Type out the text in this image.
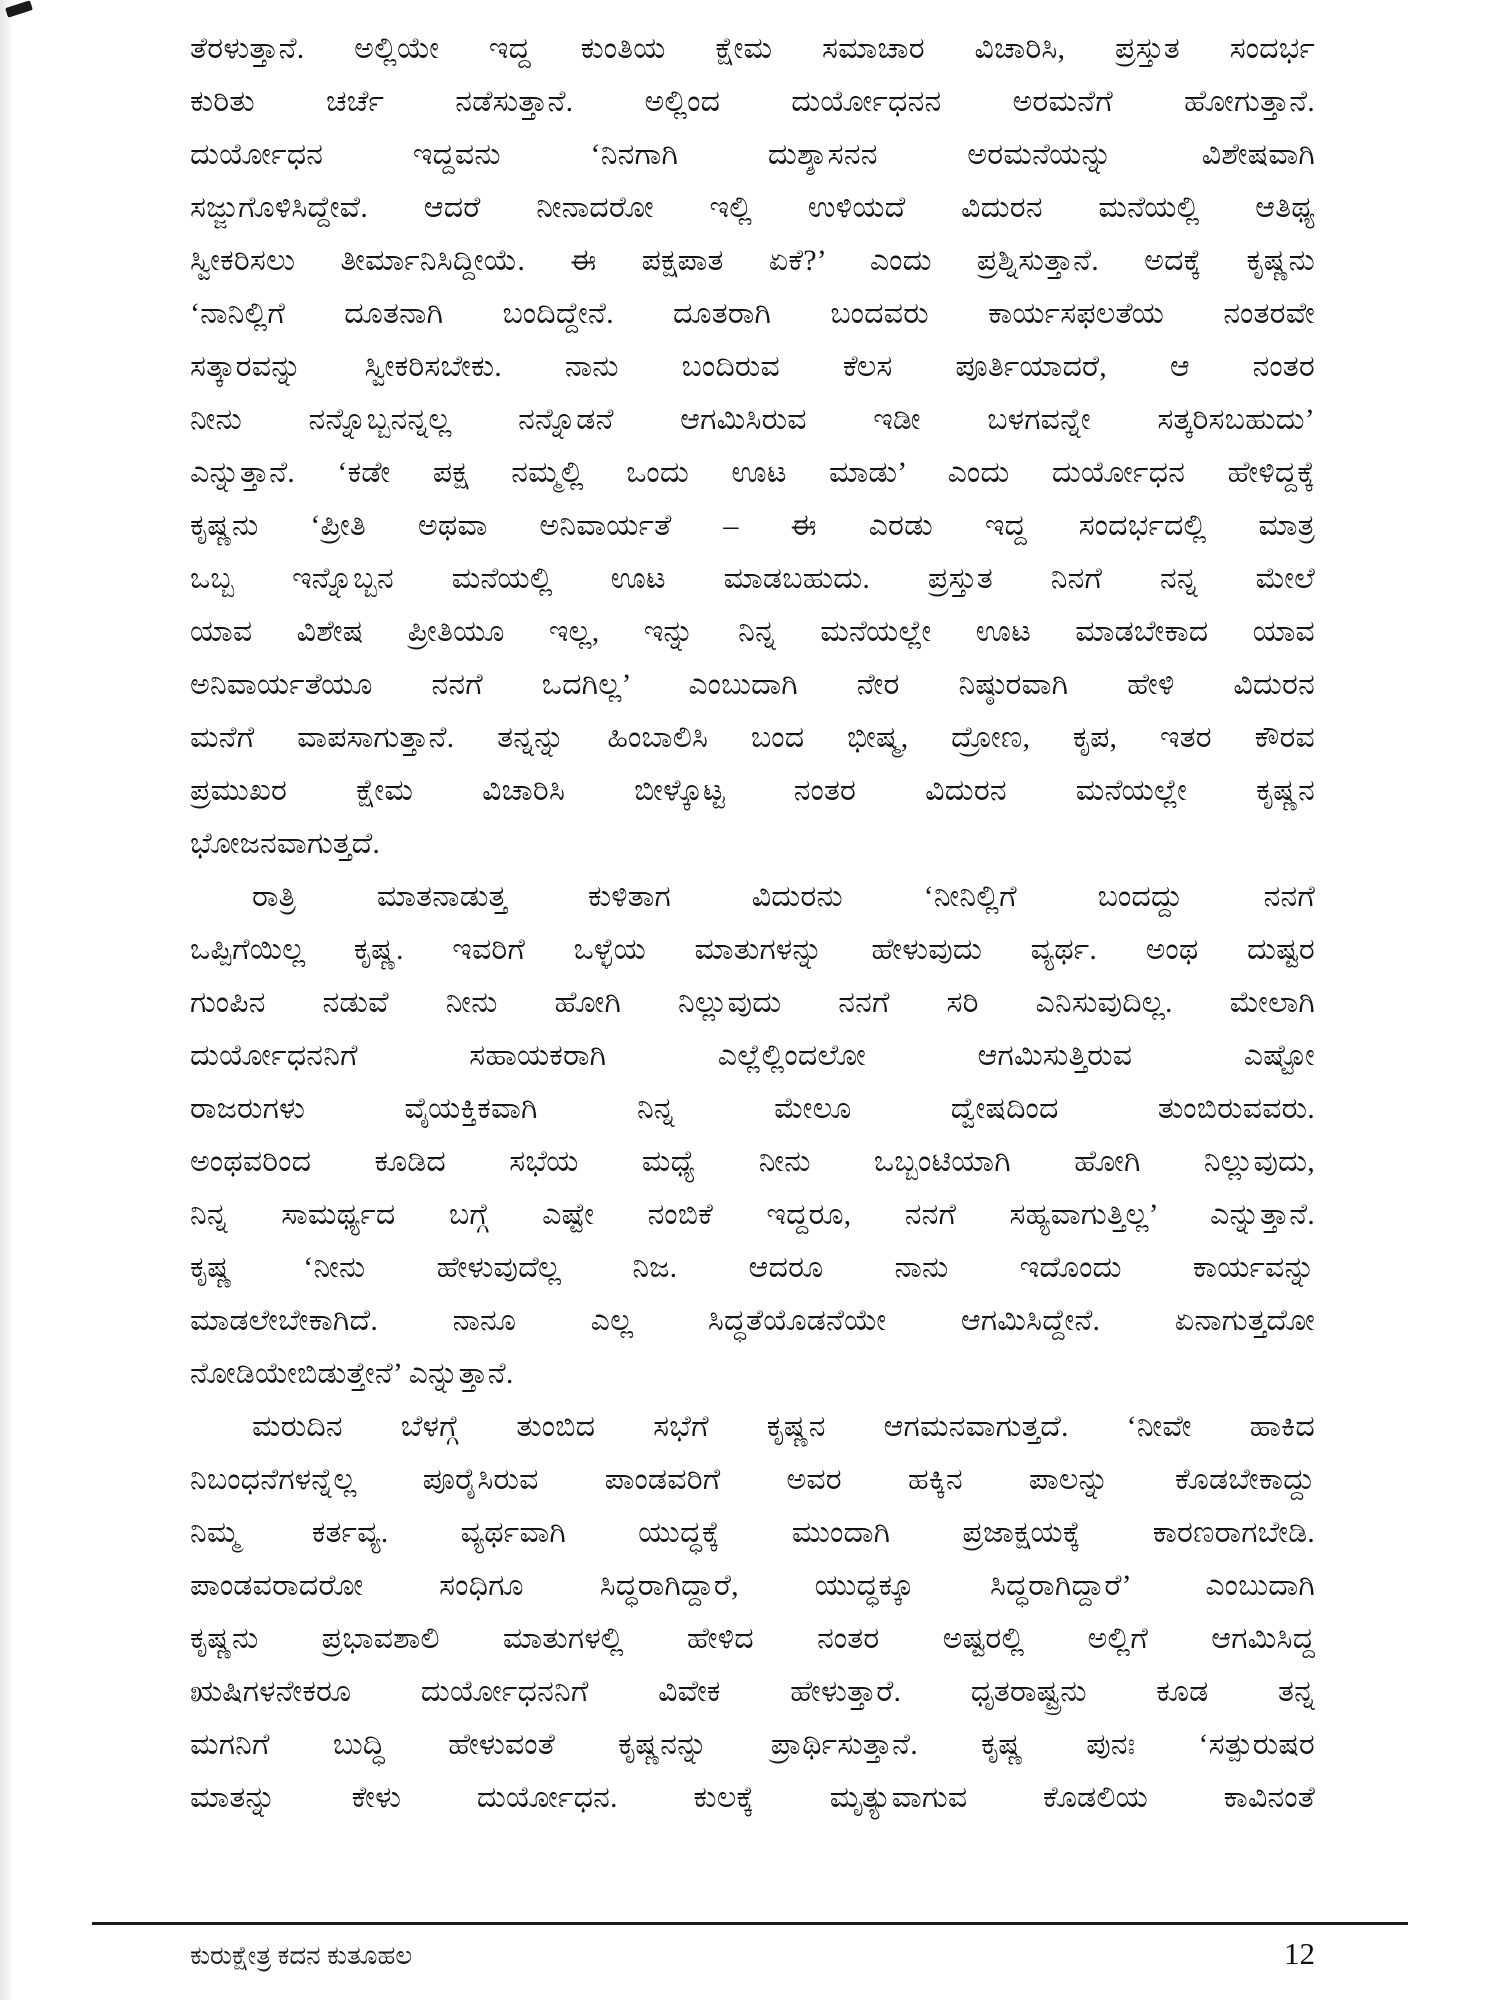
ತೆರಳುತ್ತಾನೆ. ಅಲ್ಲಿಯೇ ಇದ್ದ ಕುಂತಿಯ ಕ್ಷೇಮ ಸಮಾಚಾರ ವಿಚಾರಿಸಿ, ಪ್ರಸ್ತುತ ಸಂದರ್ಭ
ಕುರಿತು ಚರ್ಚೆ ನಡೆಸುತ್ತಾನೆ. ಅಲ್ಲಿಂದ ದುರ್ಯೋಧನನ ಅರಮನೆಗೆ ಹೋಗುತ್ತಾನೆ.
ದುರ್ಯೋಧನ ಇದ್ದವನು ‘ನಿನಗಾಗಿ ದುಶ್ಶಾಸನನ ಅರಮನೆಯನ್ನು ವಿಶೇಷವಾಗಿ
ಸಜ್ಜುಗೊಳಿಸಿದ್ದೇವೆ. ಆದರೆ ನೀನಾದರೋ ಇಲ್ಲಿ ಉಳಿಯದೆ ವಿದುರನ ಮನೆಯಲ್ಲಿ ಆತಿಥ್ಯ
ಸ್ವೀಕರಿಸಲು ತೀರ್ಮಾನಿಸಿದ್ದೀಯೆ. ಈ ಪಕ್ಷಪಾತ ಏಕೆ?’ ಎಂದು ಪ್ರಶ್ನಿಸುತ್ತಾನೆ. ಅದಕ್ಕೆ ಕೃಷ್ಣನು
‘ನಾನಿಲ್ಲಿಗೆ ದೂತನಾಗಿ ಬಂದಿದ್ದೇನೆ. ದೂತರಾಗಿ ಬಂದವರು ಕಾರ್ಯಸಫಲತೆಯ ನಂತರವೇ
ಸತ್ಕಾರವನ್ನು ಸ್ವೀಕರಿಸಬೇಕು. ನಾನು ಬಂದಿರುವ ಕೆಲಸ ಪೂರ್ತಿಯಾದರೆ, ಆ ನಂತರ
ನೀನು ನನ್ನೊಬ್ಬನನ್ನಲ್ಲ ನನ್ನೊಡನೆ ಆಗಮಿಸಿರುವ ಇಡೀ ಬಳಗವನ್ನೇ ಸತ್ಕರಿಸಬಹುದು’
ಎನ್ನುತ್ತಾನೆ. ‘ಕಡೇ ಪಕ್ಷ ನಮ್ಮಲ್ಲಿ ಒಂದು ಊಟ ಮಾಡು’ ಎಂದು ದುರ್ಯೋಧನ ಹೇಳಿದ್ದಕ್ಕೆ
ಕೃಷ್ಣನು ‘ಪ್ರೀತಿ ಅಥವಾ ಅನಿವಾರ್ಯತೆ – ಈ ಎರಡು ಇದ್ದ ಸಂದರ್ಭದಲ್ಲಿ ಮಾತ್ರ
ಒಬ್ಬ ಇನ್ನೊಬ್ಬನ ಮನೆಯಲ್ಲಿ ಊಟ ಮಾಡಬಹುದು. ಪ್ರಸ್ತುತ ನಿನಗೆ ನನ್ನ ಮೇಲೆ
ಯಾವ ವಿಶೇಷ ಪ್ರೀತಿಯೂ ಇಲ್ಲ, ಇನ್ನು ನಿನ್ನ ಮನೆಯಲ್ಲೇ ಊಟ ಮಾಡಬೇಕಾದ ಯಾವ
ಅನಿವಾರ್ಯತೆಯೂ ನನಗೆ ಒದಗಿಲ್ಲ’ ಎಂಬುದಾಗಿ ನೇರ ನಿಷ್ಠುರವಾಗಿ ಹೇಳಿ ವಿದುರನ
ಮನೆಗೆ ವಾಪಸಾಗುತ್ತಾನೆ. ತನ್ನನ್ನು ಹಿಂಬಾಲಿಸಿ ಬಂದ ಭೀಷ್ಮ, ದ್ರೋಣ, ಕೃಪ, ಇತರ ಕೌರವ
ಪ್ರಮುಖರ ಕ್ಷೇಮ ವಿಚಾರಿಸಿ ಬೀಳ್ಕೊಟ್ಟ ನಂತರ ವಿದುರನ ಮನೆಯಲ್ಲೇ ಕೃಷ್ಣನ
ಭೋಜನವಾಗುತ್ತದೆ.
ರಾತ್ರಿ ಮಾತನಾಡುತ್ತ ಕುಳಿತಾಗ ವಿದುರನು ‘ನೀನಿಲ್ಲಿಗೆ ಬಂದದ್ದು ನನಗೆ
ಒಪ್ಪಿಗೆಯಿಲ್ಲ ಕೃಷ್ಣ. ಇವರಿಗೆ ಒಳ್ಳೆಯ ಮಾತುಗಳನ್ನು ಹೇಳುವುದು ವ್ಯರ್ಥ. ಅಂಥ ದುಷ್ಟರ
ಗುಂಪಿನ ನಡುವೆ ನೀನು ಹೋಗಿ ನಿಲ್ಲುವುದು ನನಗೆ ಸರಿ ಎನಿಸುವುದಿಲ್ಲ. ಮೇಲಾಗಿ
ದುರ್ಯೋಧನನಿಗೆ ಸಹಾಯಕರಾಗಿ ಎಲ್ಲೆಲ್ಲಿಂದಲೋ ಆಗಮಿಸುತ್ತಿರುವ ಎಷ್ಟೋ
ರಾಜರುಗಳು ವೈಯಕ್ತಿಕವಾಗಿ ನಿನ್ನ ಮೇಲೂ ದ್ವೇಷದಿಂದ ತುಂಬಿರುವವರು.
ಅಂಥವರಿಂದ ಕೂಡಿದ ಸಭೆಯ ಮಧ್ಯೆ ನೀನು ಒಬ್ಬಂಟಿಯಾಗಿ ಹೋಗಿ ನಿಲ್ಲುವುದು,
ನಿನ್ನ ಸಾಮರ್ಥ್ಯದ ಬಗ್ಗೆ ಎಷ್ಟೇ ನಂಬಿಕೆ ಇದ್ದರೂ, ನನಗೆ ಸಹ್ಯವಾಗುತ್ತಿಲ್ಲ’ ಎನ್ನುತ್ತಾನೆ.
ಕೃಷ್ಣ ‘ನೀನು ಹೇಳುವುದೆಲ್ಲ ನಿಜ. ಆದರೂ ನಾನು ಇದೊಂದು ಕಾರ್ಯವನ್ನು
ಮಾಡಲೇಬೇಕಾಗಿದೆ. ನಾನೂ ಎಲ್ಲ ಸಿದ್ಧತೆಯೊಡನೆಯೇ ಆಗಮಿಸಿದ್ದೇನೆ. ಏನಾಗುತ್ತದೋ
ನೋಡಿಯೇಬಿಡುತ್ತೇನೆ’ ಎನ್ನುತ್ತಾನೆ.
ಮರುದಿನ ಬೆಳಗ್ಗೆ ತುಂಬಿದ ಸಭೆಗೆ ಕೃಷ್ಣನ ಆಗಮನವಾಗುತ್ತದೆ. ‘ನೀವೇ ಹಾಕಿದ
ನಿಬಂಧನೆಗಳನ್ನೆಲ್ಲ ಪೂರೈಸಿರುವ ಪಾಂಡವರಿಗೆ ಅವರ ಹಕ್ಕಿನ ಪಾಲನ್ನು ಕೊಡಬೇಕಾದ್ದು
ನಿಮ್ಮ ಕರ್ತವ್ಯ. ವ್ಯರ್ಥವಾಗಿ ಯುದ್ಧಕ್ಕೆ ಮುಂದಾಗಿ ಪ್ರಜಾಕ್ಷಯಕ್ಕೆ ಕಾರಣರಾಗಬೇಡಿ.
ಪಾಂಡವರಾದರೋ ಸಂಧಿಗೂ ಸಿದ್ಧರಾಗಿದ್ದಾರೆ, ಯುದ್ಧಕ್ಕೂ ಸಿದ್ಧರಾಗಿದ್ದಾರೆ’ ಎಂಬುದಾಗಿ
ಕೃಷ್ಣನು ಪ್ರಭಾವಶಾಲಿ ಮಾತುಗಳಲ್ಲಿ ಹೇಳಿದ ನಂತರ ಅಷ್ಟರಲ್ಲಿ ಅಲ್ಲಿಗೆ ಆಗಮಿಸಿದ್ದ
ಋಷಿಗಳನೇಕರೂ ದುರ್ಯೋಧನನಿಗೆ ವಿವೇಕ ಹೇಳುತ್ತಾರೆ. ಧೃತರಾಷ್ಟ್ರನು ಕೂಡ ತನ್ನ
ಮಗನಿಗೆ ಬುದ್ಧಿ ಹೇಳುವಂತೆ ಕೃಷ್ಣನನ್ನು ಪ್ರಾರ್ಥಿಸುತ್ತಾನೆ. ಕೃಷ್ಣ ಪುನಃ ‘ಸತ್ಪುರುಷರ
ಮಾತನ್ನು ಕೇಳು ದುರ್ಯೋಧನ. ಕುಲಕ್ಕೆ ಮೃತ್ಯುವಾಗುವ ಕೊಡಲಿಯ ಕಾವಿನಂತೆ
ಕುರುಕ್ಷೇತ್ರ ಕದನ ಕುತೂಹಲ	12
